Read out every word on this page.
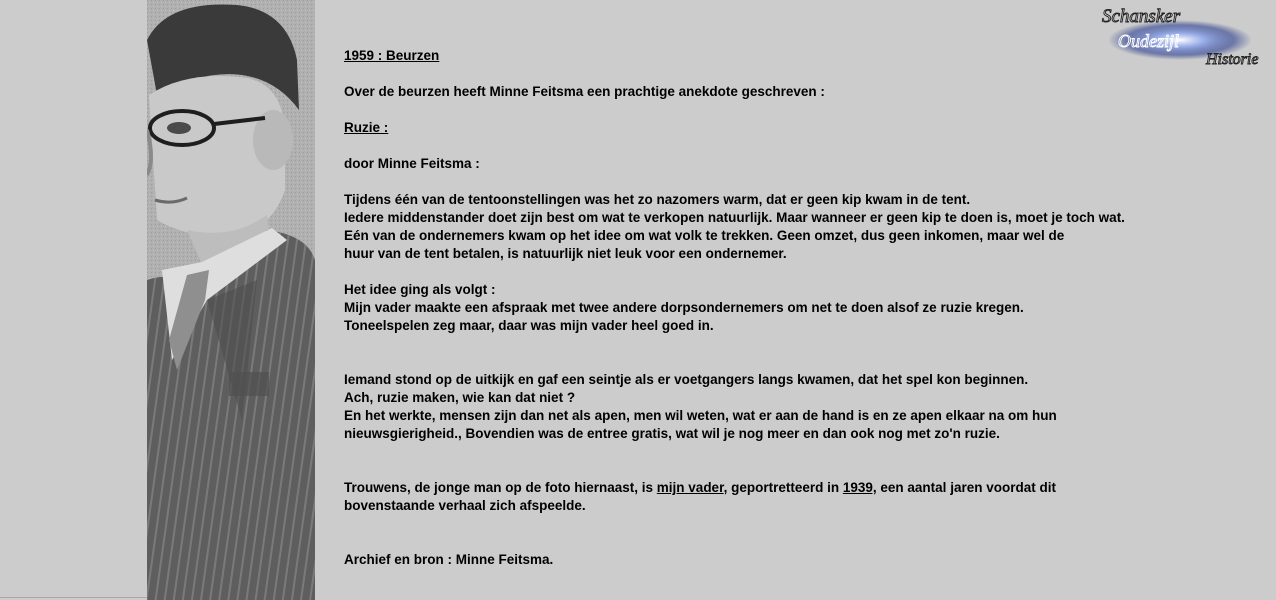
1959 : Beurzen

Over de beurzen heeft Minne Feitsma een prachtige anekdote geschreven :

Ruzie :

door Minne Feitsma :

Tijdens één van de tentoonstellingen was het zo nazomers warm, dat er geen kip kwam in de tent.

Iedere middenstander doet zijn best om wat te verkopen natuurlijk. Maar wanneer er geen kip te doen is, moet je toch wat.

Eén van de ondernemers kwam op het idee om wat volk te trekken. Geen omzet, dus geen inkomen, maar wel de

huur van de tent betalen, is natuurlijk niet leuk voor een ondernemer.

Het idee ging als volgt :

Mijn vader maakte een afspraak met twee andere dorpsondernemers om net te doen alsof ze ruzie kregen.

Toneelspelen zeg maar, daar was mijn vader heel goed in.

Iemand stond op de uitkijk en gaf een seintje als er voetgangers langs kwamen, dat het spel kon beginnen.

Ach, ruzie maken, wie kan dat niet ?

En het werkte, mensen zijn dan net als apen, men wil weten, wat er aan de hand is en ze apen elkaar na om hun

nieuwsgierigheid., Bovendien was de entree gratis, wat wil je nog meer en dan ook nog met zo'n ruzie.

Trouwens, de jonge man op de foto hiernaast, is mijn vader, geportretteerd in 1939, een aantal jaren voordat dit

bovenstaande verhaal zich afspeelde.

Archief en bron : Minne Feitsma.

Schansker
Oudezijl
Historie
